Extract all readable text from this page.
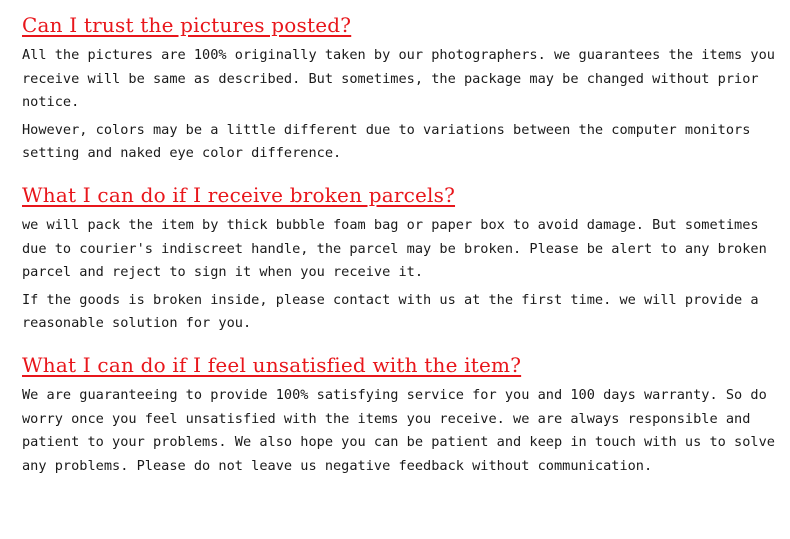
Can I trust the pictures posted?

All the pictures are 100% originally taken by our photographers. we guarantees the items you receive will be same as described. But sometimes, the package may be changed without prior notice.

However, colors may be a little different due to variations between the computer monitors setting and naked eye color difference.

What I can do if I receive broken parcels?

we will pack the item by thick bubble foam bag or paper box to avoid damage. But sometimes due to courier's indiscreet handle, the parcel may be broken. Please be alert to any broken parcel and reject to sign it when you receive it.

If the goods is broken inside, please contact with us at the first time. we will provide a reasonable solution for you.

What I can do if I feel unsatisfied with the item?

We are guaranteeing to provide 100% satisfying service for you and 100 days warranty. So do worry once you feel unsatisfied with the items you receive. we are always responsible and patient to your problems. We also hope you can be patient and keep in touch with us to solve any problems. Please do not leave us negative feedback without communication.
